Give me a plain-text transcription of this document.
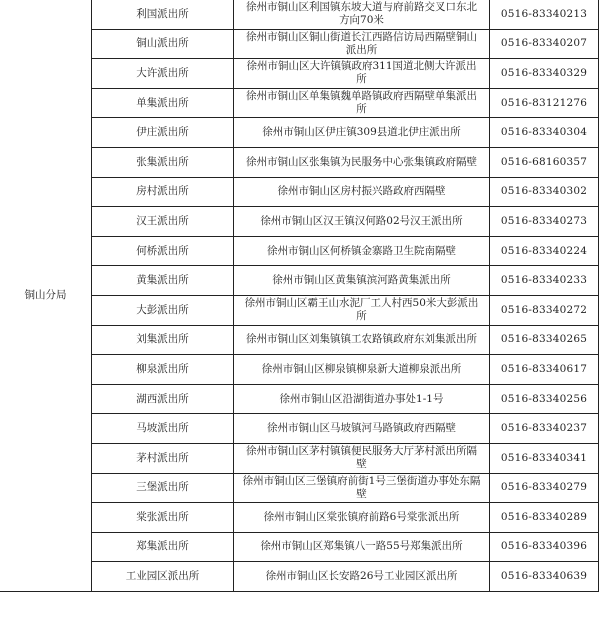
铜山分局	利国派出所	徐州市铜山区利国镇东坡大道与府前路交叉口东北方向70米	0516-83340213
	铜山派出所	徐州市铜山区铜山街道长江西路信访局西隔壁铜山派出所	0516-83340207
	大许派出所	徐州市铜山区大许镇镇政府311国道北侧大许派出所	0516-83340329
	单集派出所	徐州市铜山区单集镇魏单路镇政府西隔壁单集派出所	0516-83121276
	伊庄派出所	徐州市铜山区伊庄镇309县道北伊庄派出所	0516-83340304
	张集派出所	徐州市铜山区张集镇为民服务中心张集镇政府隔壁	0516-68160357
	房村派出所	徐州市铜山区房村振兴路政府西隔壁	0516-83340302
	汉王派出所	徐州市铜山区汉王镇汉何路02号汉王派出所	0516-83340273
	何桥派出所	徐州市铜山区何桥镇金寨路卫生院南隔壁	0516-83340224
	黄集派出所	徐州市铜山区黄集镇滨河路黄集派出所	0516-83340233
	大彭派出所	徐州市铜山区霸王山水泥厂工人村西50米大彭派出所	0516-83340272
	刘集派出所	徐州市铜山区刘集镇镇工农路镇政府东刘集派出所	0516-83340265
	柳泉派出所	徐州市铜山区柳泉镇柳泉新大道柳泉派出所	0516-83340617
	湖西派出所	徐州市铜山区沿湖街道办事处1-1号	0516-83340256
	马坡派出所	徐州市铜山区马坡镇河马路镇政府西隔壁	0516-83340237
	茅村派出所	徐州市铜山区茅村镇镇便民服务大厅茅村派出所隔壁	0516-83340341
	三堡派出所	徐州市铜山区三堡镇府前街1号三堡街道办事处东隔壁	0516-83340279
	棠张派出所	徐州市铜山区棠张镇府前路6号棠张派出所	0516-83340289
	郑集派出所	徐州市铜山区郑集镇八一路55号郑集派出所	0516-83340396
	工业园区派出所	徐州市铜山区长安路26号工业园区派出所	0516-83340639
